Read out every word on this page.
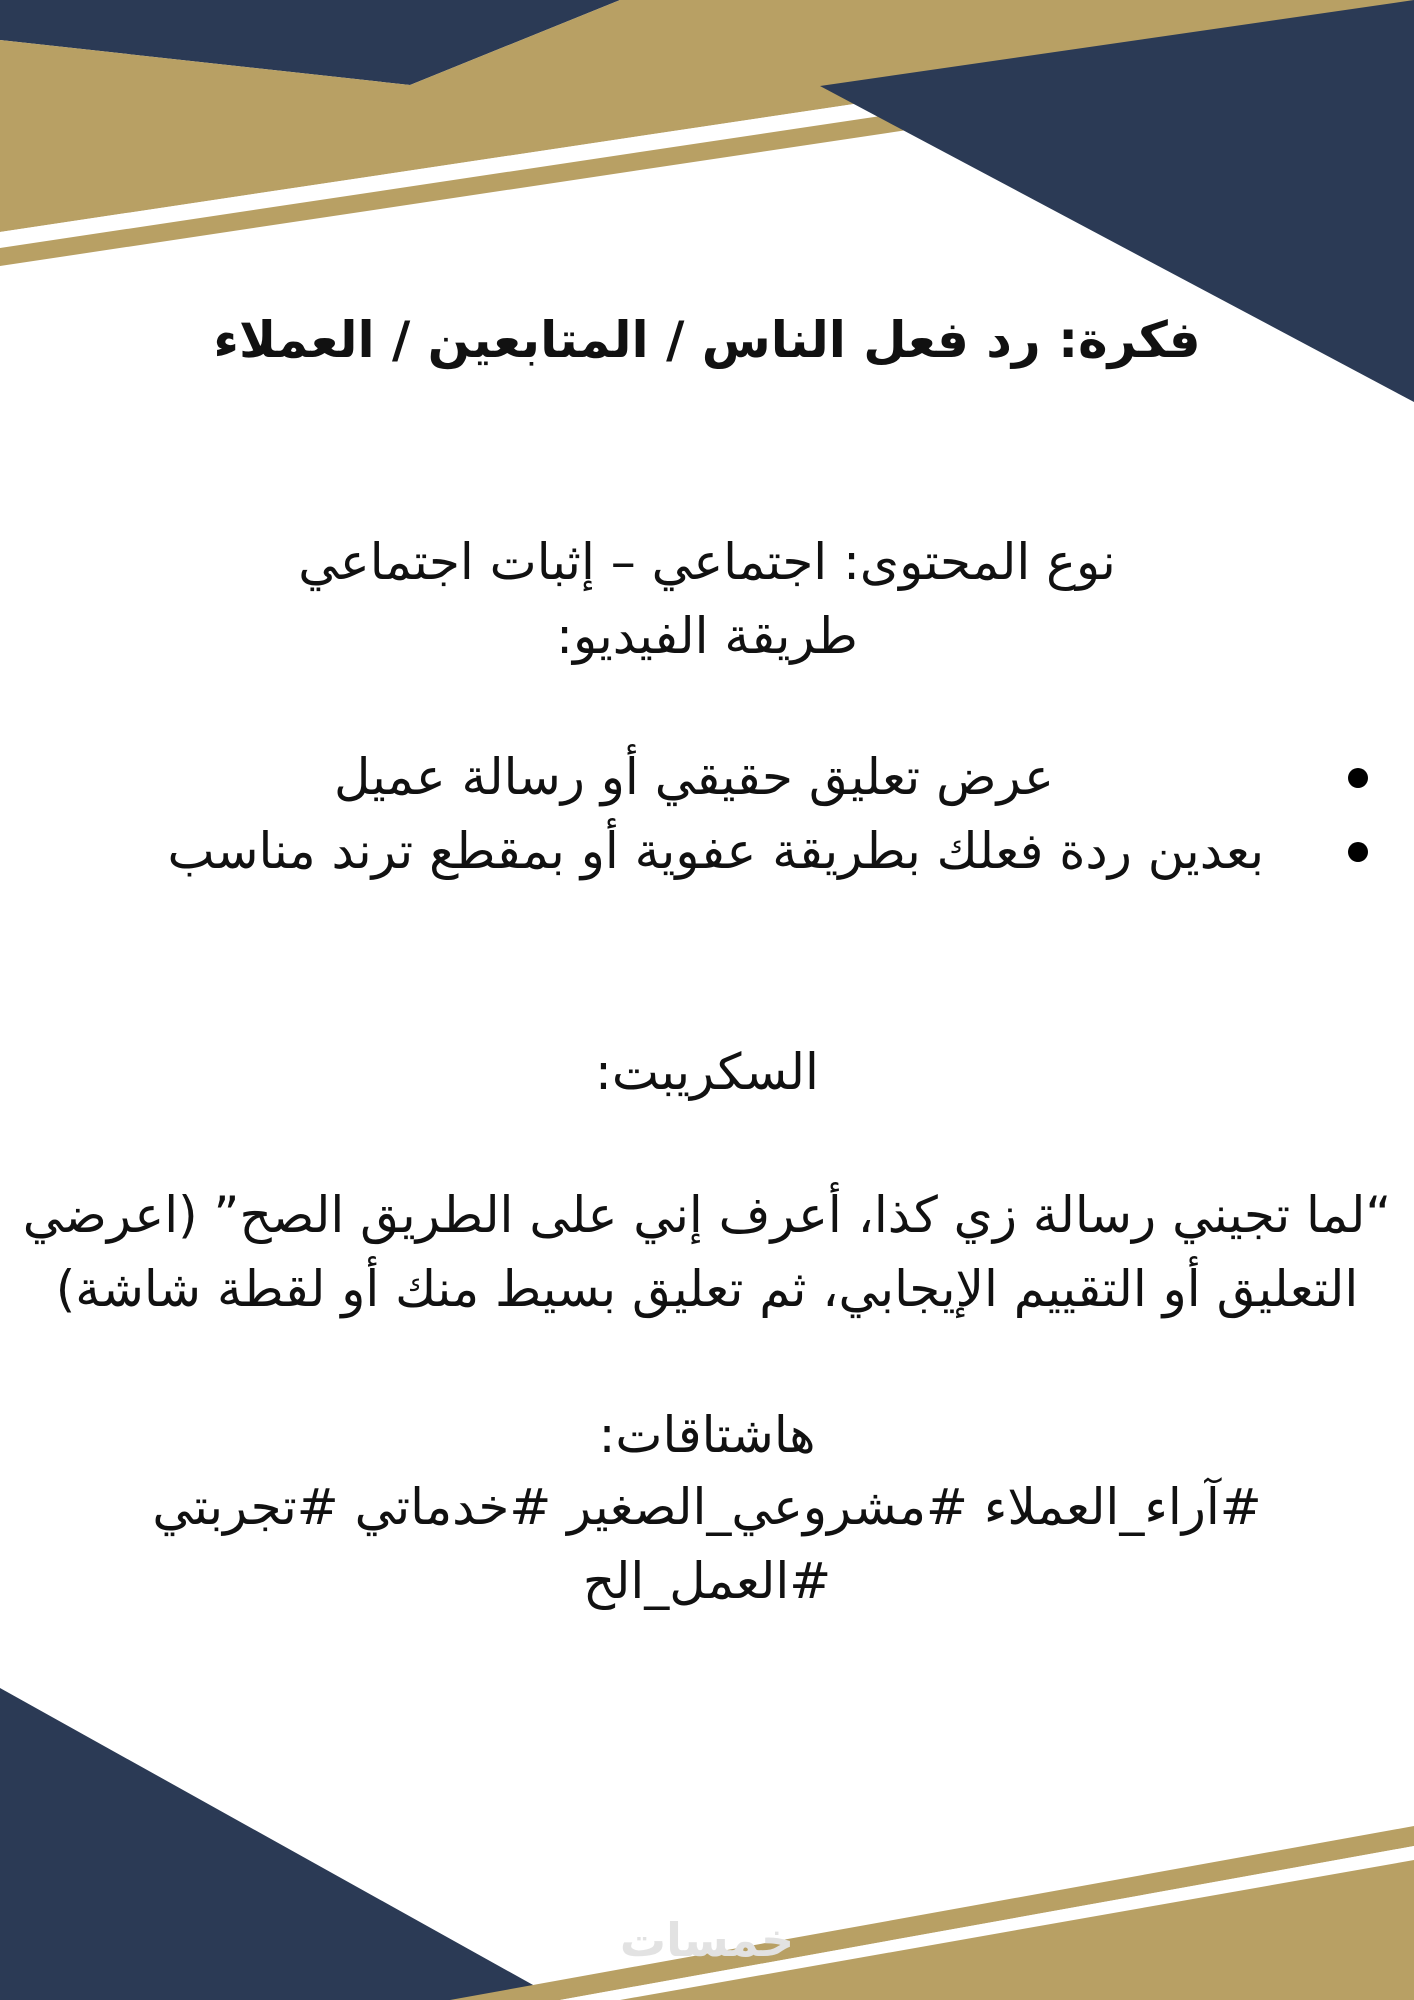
فكرة: رد فعل الناس / المتابعين / العملاء

نوع المحتوى: اجتماعي – إثبات اجتماعي

طريقة الفيديو:

عرض تعليق حقيقي أو رسالة عميل
بعدين ردة فعلك بطريقة عفوية أو بمقطع ترند مناسب

السكريبت:

“لما تجيني رسالة زي كذا، أعرف إني على الطريق الصح” (اعرضي التعليق أو التقييم الإيجابي، ثم تعليق بسيط منك أو لقطة شاشة)

هاشتاقات:

#آراء_العملاء #مشروعي_الصغير #خدماتي #تجربتي #العمل_الح

خمسات
